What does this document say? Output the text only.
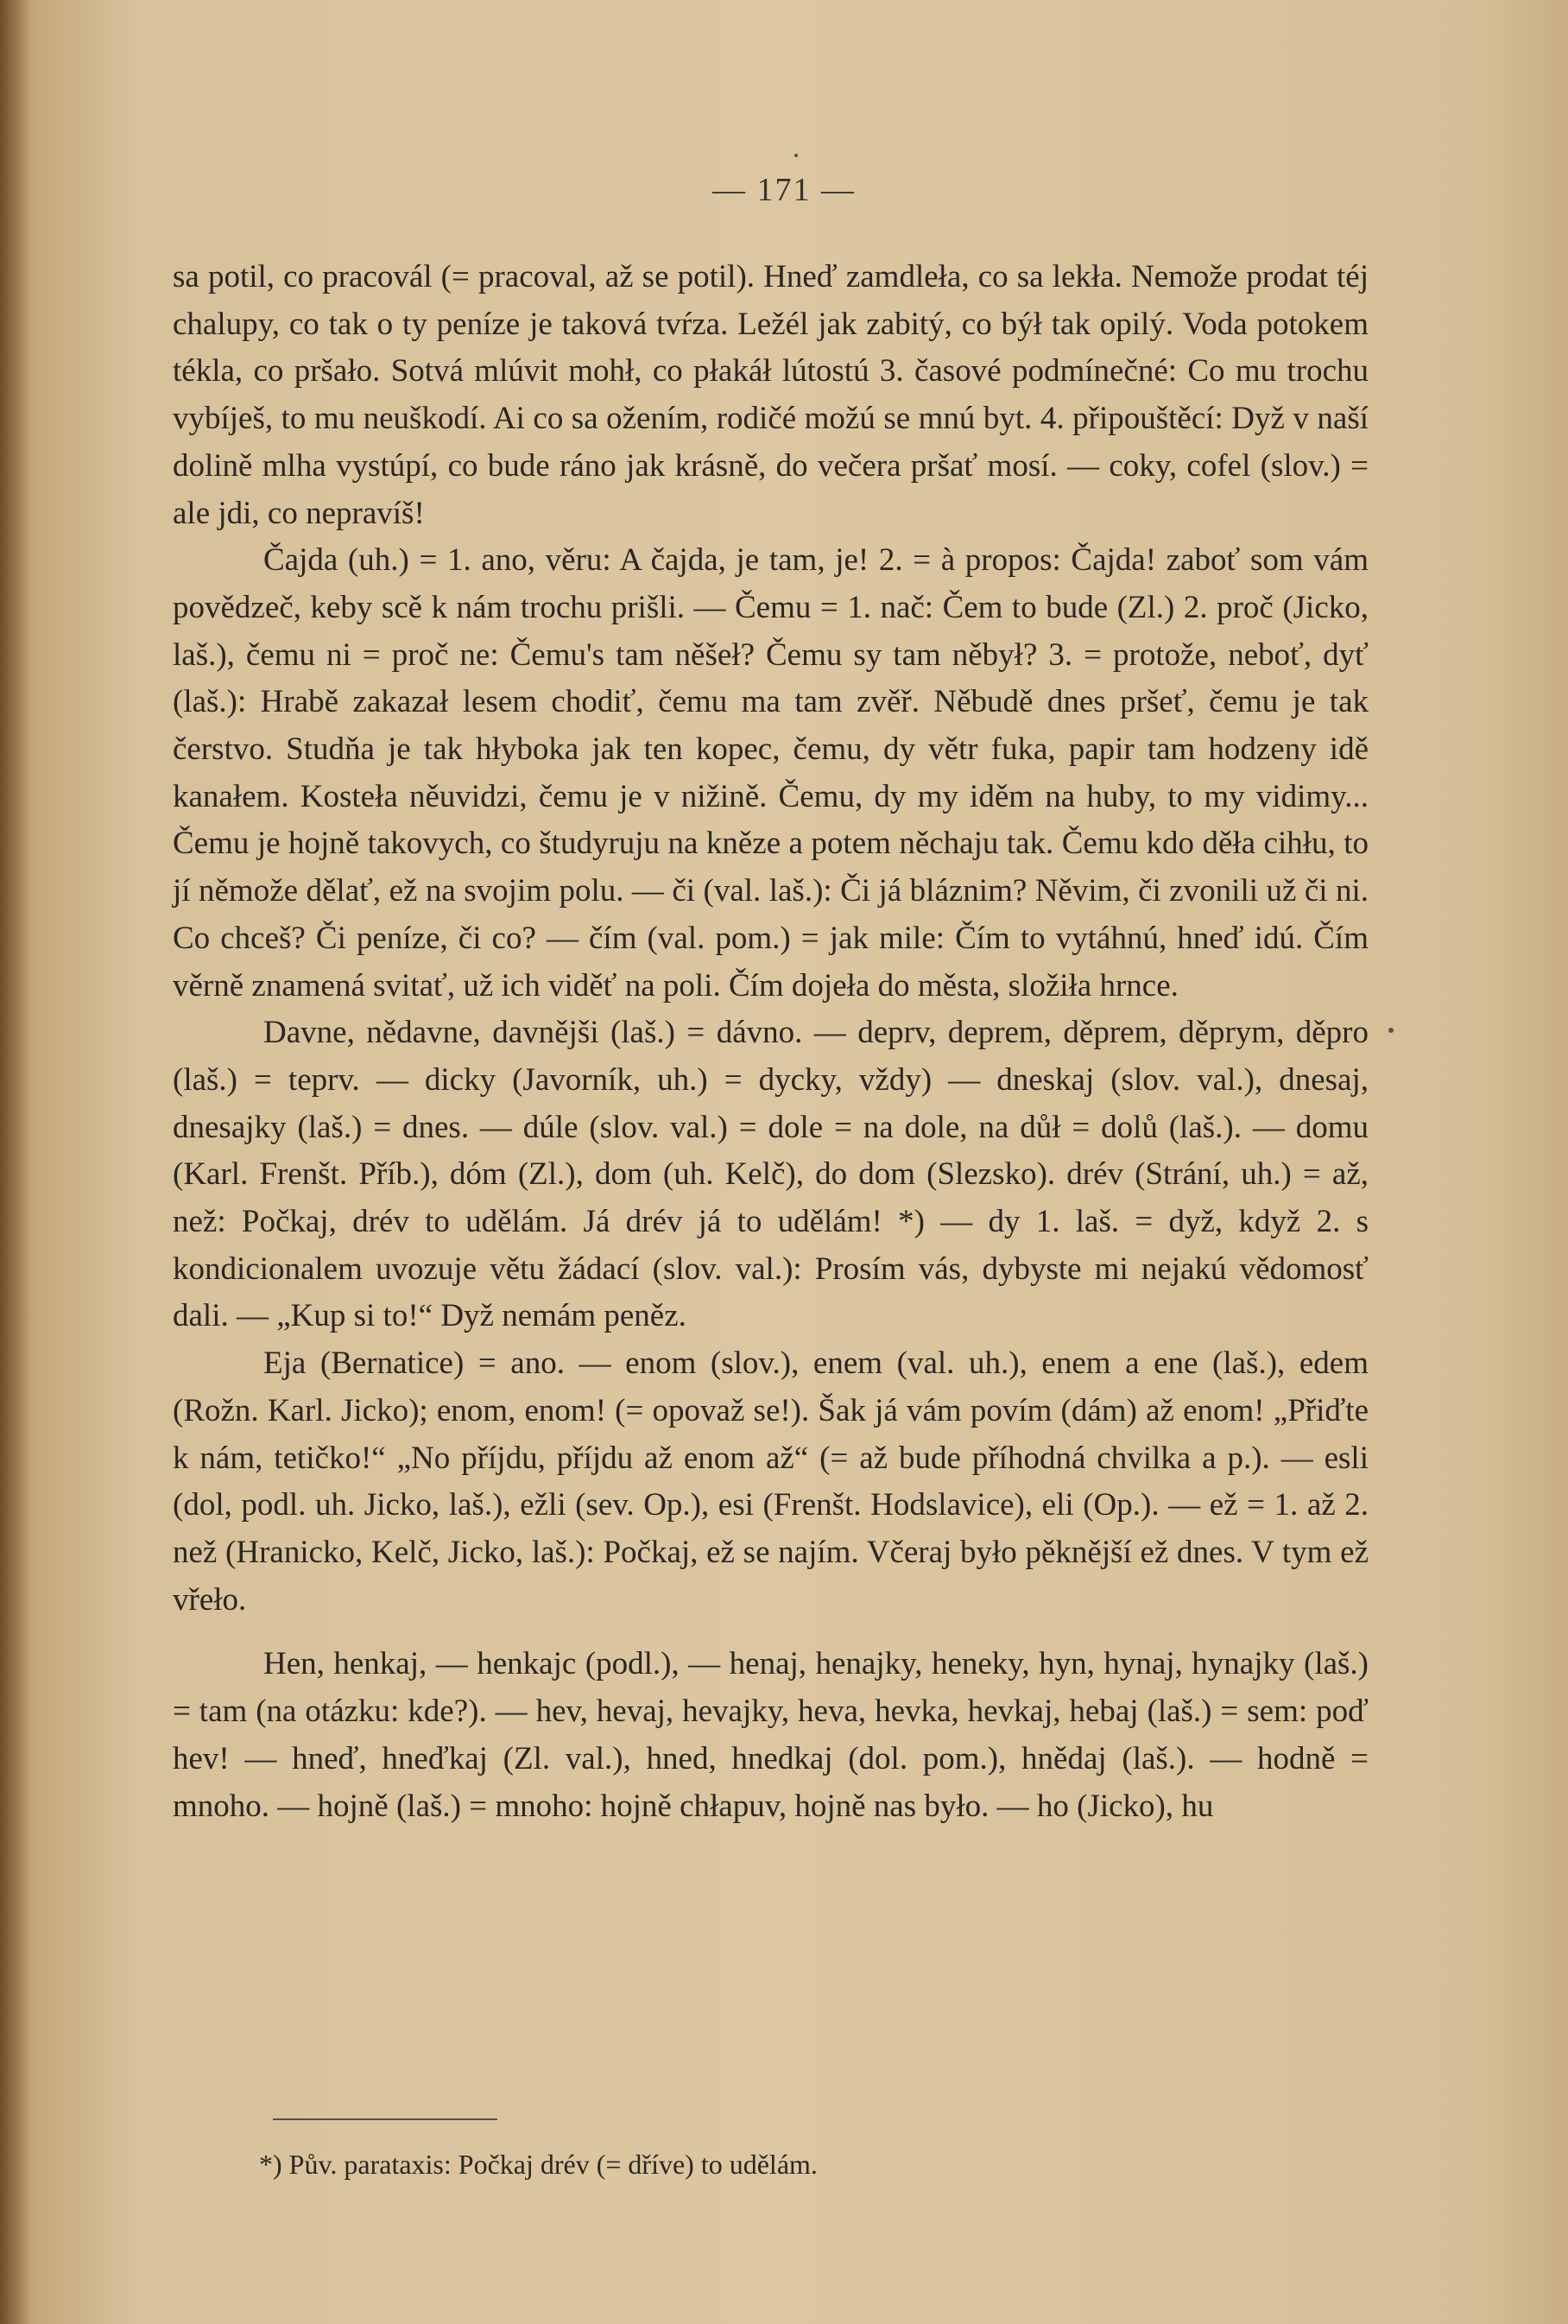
— 171 —

sa potil, co pracovál (= pracoval, až se potil). Hneď zamdleła, co sa lekła. Nemože prodat téj chalupy, co tak o ty peníze je taková tvŕza. Ležél jak zabitý, co býł tak opilý. Voda potokem tékla, co pršało. Sotvá mlúvit mohł, co płakáł lútostú 3. časové podmínečné: Co mu trochu vybíješ, to mu neuškodí. Ai co sa ožením, rodičé možú se mnú byt. 4. připouštěcí: Dyž v naší dolině mlha vystúpí, co bude ráno jak krásně, do večera pršať mosí. — coky, cofel (slov.) = ale jdi, co nepravíš!

Čajda (uh.) = 1. ano, věru: A čajda, je tam, je! 2. = à propos: Čajda! zaboť som vám povědzeč, keby scě k nám trochu prišli. — Čemu = 1. nač: Čem to bude (Zl.) 2. proč (Jicko, laš.), čemu ni = proč ne: Čemu's tam něšeł? Čemu sy tam něbył? 3. = protože, neboť, dyť (laš.): Hrabě zakazał lesem chodiť, čemu ma tam zvěř. Něbudě dnes pršeť, čemu je tak čerstvo. Studňa je tak hłyboka jak ten kopec, čemu, dy větr fuka, papir tam hodzeny idě kanałem. Kosteła něuvidzi, čemu je v nižině. Čemu, dy my iděm na huby, to my vidimy... Čemu je hojně takovych, co študyruju na kněze a potem něchaju tak. Čemu kdo děła cihłu, to jí němože dělať, ež na svojim polu. — či (val. laš.): Či já bláznim? Něvim, či zvonili už či ni. Co chceš? Či peníze, či co? — čím (val. pom.) = jak mile: Čím to vytáhnú, hneď idú. Čím věrně znamená svitať, už ich viděť na poli. Čím dojeła do města, složiła hrnce.

Davne, nědavne, davnějši (laš.) = dávno. — deprv, deprem, děprem, děprym, děpro (laš.) = teprv. — dicky (Javorník, uh.) = dycky, vždy) — dneskaj (slov. val.), dnesaj, dnesajky (laš.) = dnes. — dúle (slov. val.) = dole = na dole, na důł = dolů (laš.). — domu (Karl. Frenšt. Příb.), dóm (Zl.), dom (uh. Kelč), do dom (Slezsko). drév (Strání, uh.) = až, než: Počkaj, drév to udělám. Já drév já to udělám! *) — dy 1. laš. = dyž, když 2. s kondicionalem uvozuje větu žádací (slov. val.): Prosím vás, dybyste mi nejakú vědomosť dali. — „Kup si to!“ Dyž nemám peněz.

Eja (Bernatice) = ano. — enom (slov.), enem (val. uh.), enem a ene (laš.), edem (Rožn. Karl. Jicko); enom, enom! (= opovaž se!). Šak já vám povím (dám) až enom! „Přiďte k nám, tetičko!“ „No příjdu, příjdu až enom až“ (= až bude příhodná chvilka a p.). — esli (dol, podl. uh. Jicko, laš.), ežli (sev. Op.), esi (Frenšt. Hodslavice), eli (Op.). — ež = 1. až 2. než (Hranicko, Kelč, Jicko, laš.): Počkaj, ež se najím. Včeraj było pěknější ež dnes. V tym ež vřeło.

Hen, henkaj, — henkajc (podl.), — henaj, henajky, heneky, hyn, hynaj, hynajky (laš.) = tam (na otázku: kde?). — hev, hevaj, hevajky, heva, hevka, hevkaj, hebaj (laš.) = sem: poď hev! — hneď, hneďkaj (Zl. val.), hned, hnedkaj (dol. pom.), hnědaj (laš.). — hodně = mnoho. — hojně (laš.) = mnoho: hojně chłapuv, hojně nas było. — ho (Jicko), hu

*) Pův. parataxis: Počkaj drév (= dříve) to udělám.
